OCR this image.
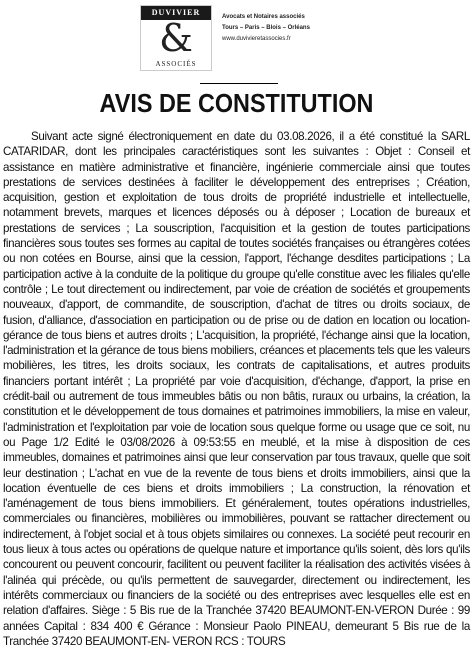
DUVIVIER
&
ASSOCIÉS
Avocats et Notaires associés
Tours – Paris – Blois – Orléans
www.duvivieretassocies.fr
AVIS DE CONSTITUTION

Suivant acte signé électroniquement en date du 03.08.2026, il a été constitué la SARL CATARIDAR, dont les principales caractéristiques sont les suivantes : Objet : Conseil et assistance en matière administrative et financière, ingénierie commerciale ainsi que toutes prestations de services destinées à faciliter le développement des entreprises ; Création, acquisition, gestion et exploitation de tous droits de propriété industrielle et intellectuelle, notamment brevets, marques et licences déposés ou à déposer ; Location de bureaux et prestations de services ; La souscription, l'acquisition et la gestion de toutes participations financières sous toutes ses formes au capital de toutes sociétés françaises ou étrangères cotées ou non cotées en Bourse, ainsi que la cession, l'apport, l'échange desdites participations ; La participation active à la conduite de la politique du groupe qu'elle constitue avec les filiales qu'elle contrôle ; Le tout directement ou indirectement, par voie de création de sociétés et groupements nouveaux, d'apport, de commandite, de souscription, d'achat de titres ou droits sociaux, de fusion, d'alliance, d'association en participation ou de prise ou de dation en location ou location-gérance de tous biens et autres droits ; L'acquisition, la propriété, l'échange ainsi que la location, l'administration et la gérance de tous biens mobiliers, créances et placements tels que les valeurs mobilières, les titres, les droits sociaux, les contrats de capitalisations, et autres produits financiers portant intérêt ; La propriété par voie d'acquisition, d'échange, d'apport, la prise en crédit-bail ou autrement de tous immeubles bâtis ou non bâtis, ruraux ou urbains, la création, la constitution et le développement de tous domaines et patrimoines immobiliers, la mise en valeur, l'administration et l'exploitation par voie de location sous quelque forme ou usage que ce soit, nu ou Page 1/2 Edité le 03/08/2026 à 09:53:55 en meublé, et la mise à disposition de ces immeubles, domaines et patrimoines ainsi que leur conservation par tous travaux, quelle que soit leur destination ; L'achat en vue de la revente de tous biens et droits immobiliers, ainsi que la location éventuelle de ces biens et droits immobiliers ; La construction, la rénovation et l'aménagement de tous biens immobiliers. Et généralement, toutes opérations industrielles, commerciales ou financières, mobilières ou immobilières, pouvant se rattacher directement ou indirectement, à l'objet social et à tous objets similaires ou connexes. La société peut recourir en tous lieux à tous actes ou opérations de quelque nature et importance qu'ils soient, dès lors qu'ils concourent ou peuvent concourir, facilitent ou peuvent faciliter la réalisation des activités visées à l'alinéa qui précède, ou qu'ils permettent de sauvegarder, directement ou indirectement, les intérêts commerciaux ou financiers de la société ou des entreprises avec lesquelles elle est en relation d'affaires. Siège : 5 Bis rue de la Tranchée 37420 BEAUMONT-EN-VERON Durée : 99 années Capital : 834 400 € Gérance : Monsieur Paolo PINEAU, demeurant 5 Bis rue de la Tranchée 37420 BEAUMONT-EN- VERON RCS : TOURS
